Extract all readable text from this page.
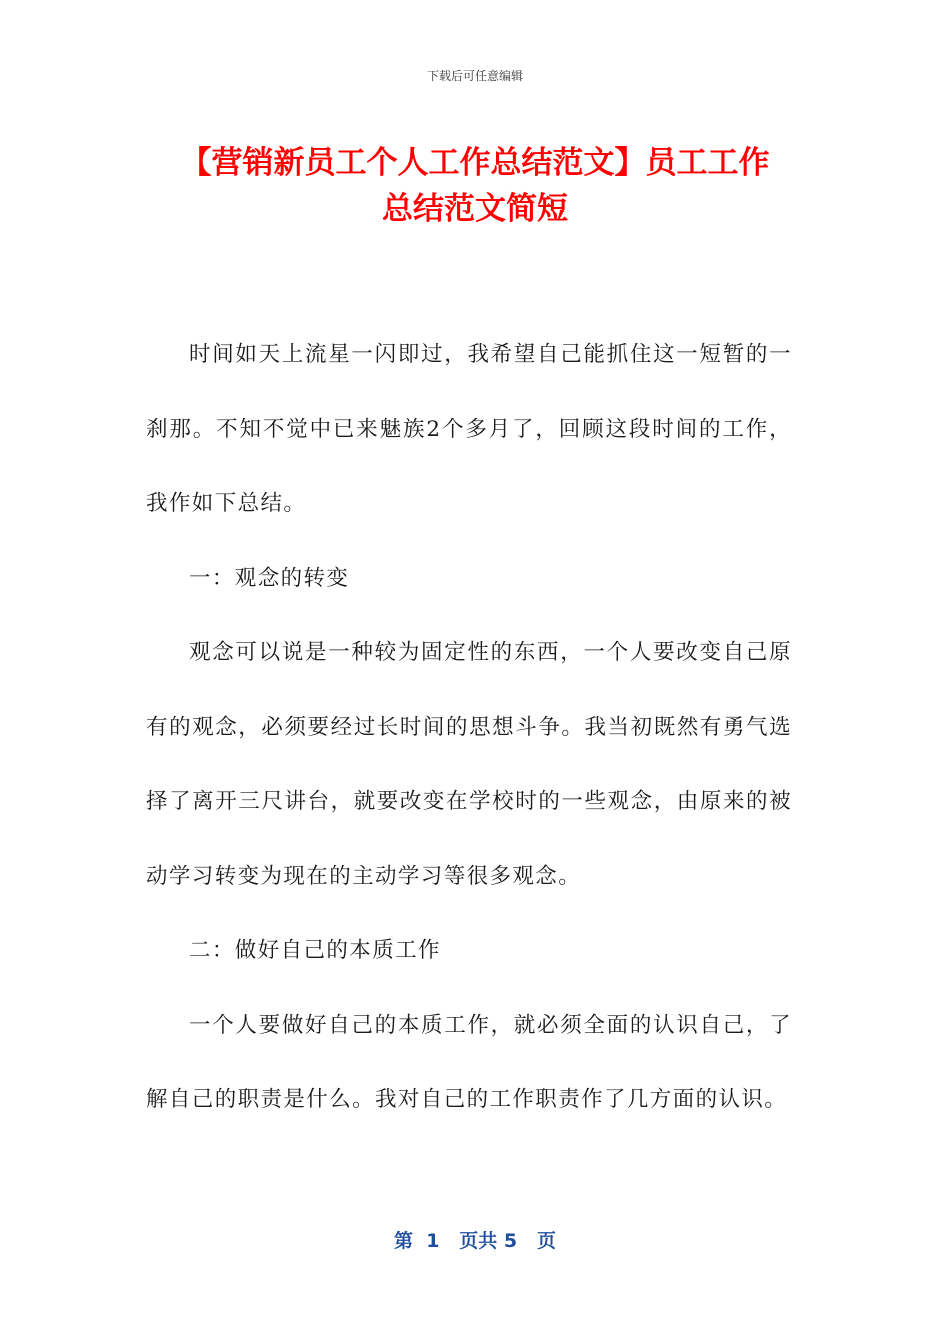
下载后可任意编辑
【营销新员工个人工作总结范文】员工工作
总结范文简短

时间如天上流星一闪即过，我希望自己能抓住这一短暂的一刹那。不知不觉中已来魅族2个多月了，回顾这段时间的工作，我作如下总结。

一：观念的转变

观念可以说是一种较为固定性的东西，一个人要改变自己原有的观念，必须要经过长时间的思想斗争。我当初既然有勇气选择了离开三尺讲台，就要改变在学校时的一些观念，由原来的被动学习转变为现在的主动学习等很多观念。

二：做好自己的本质工作

一个人要做好自己的本质工作，就必须全面的认识自己，了解自己的职责是什么。我对自己的工作职责作了几方面的认识。

第  1   页共 5   页
